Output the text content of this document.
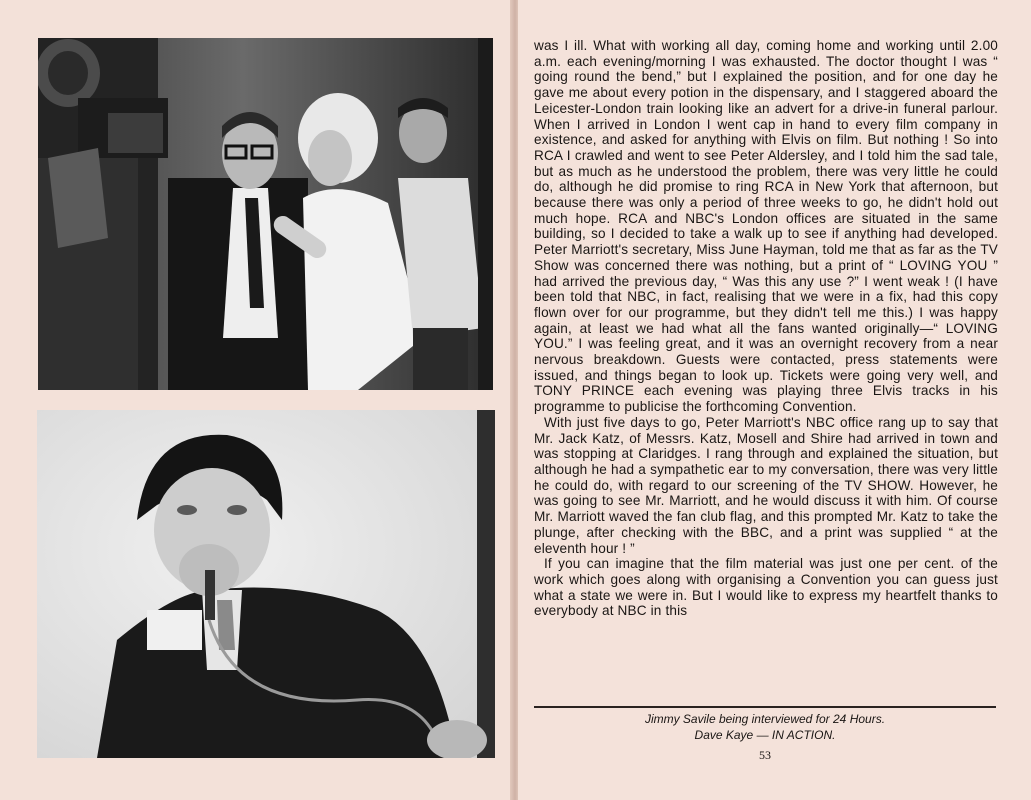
was I ill. What with working all day, coming home and working until 2.00 a.m. each evening/morning I was exhausted. The doctor thought I was “ going round the bend,” but I explained the position, and for one day he gave me about every potion in the dispensary, and I staggered aboard the Leicester-London train looking like an advert for a drive-in funeral parlour. When I arrived in London I went cap in hand to every film company in existence, and asked for anything with Elvis on film. But nothing ! So into RCA I crawled and went to see Peter Aldersley, and I told him the sad tale, but as much as he understood the problem, there was very little he could do, although he did promise to ring RCA in New York that afternoon, but because there was only a period of three weeks to go, he didn't hold out much hope. RCA and NBC's London offices are situated in the same building, so I decided to take a walk up to see if anything had developed. Peter Marriott's secretary, Miss June Hayman, told me that as far as the TV Show was concerned there was nothing, but a print of “ LOVING YOU ” had arrived the previous day, “ Was this any use ?” I went weak ! (I have been told that NBC, in fact, realising that we were in a fix, had this copy flown over for our programme, but they didn't tell me this.) I was happy again, at least we had what all the fans wanted originally—“ LOVING YOU.” I was feeling great, and it was an overnight recovery from a near nervous breakdown. Guests were contacted, press statements were issued, and things began to look up. Tickets were going very well, and TONY PRINCE each evening was playing three Elvis tracks in his programme to publicise the forthcoming Convention.

With just five days to go, Peter Marriott's NBC office rang up to say that Mr. Jack Katz, of Messrs. Katz, Mosell and Shire had arrived in town and was stopping at Claridges. I rang through and explained the situation, but although he had a sympathetic ear to my conversation, there was very little he could do, with regard to our screening of the TV SHOW. However, he was going to see Mr. Marriott, and he would discuss it with him. Of course Mr. Marriott waved the fan club flag, and this prompted Mr. Katz to take the plunge, after checking with the BBC, and a print was supplied “ at the eleventh hour ! ”

If you can imagine that the film material was just one per cent. of the work which goes along with organising a Convention you can guess just what a state we were in. But I would like to express my heartfelt thanks to everybody at NBC in this

Jimmy Savile being interviewed for 24 Hours.
Dave Kaye — IN ACTION.
53
